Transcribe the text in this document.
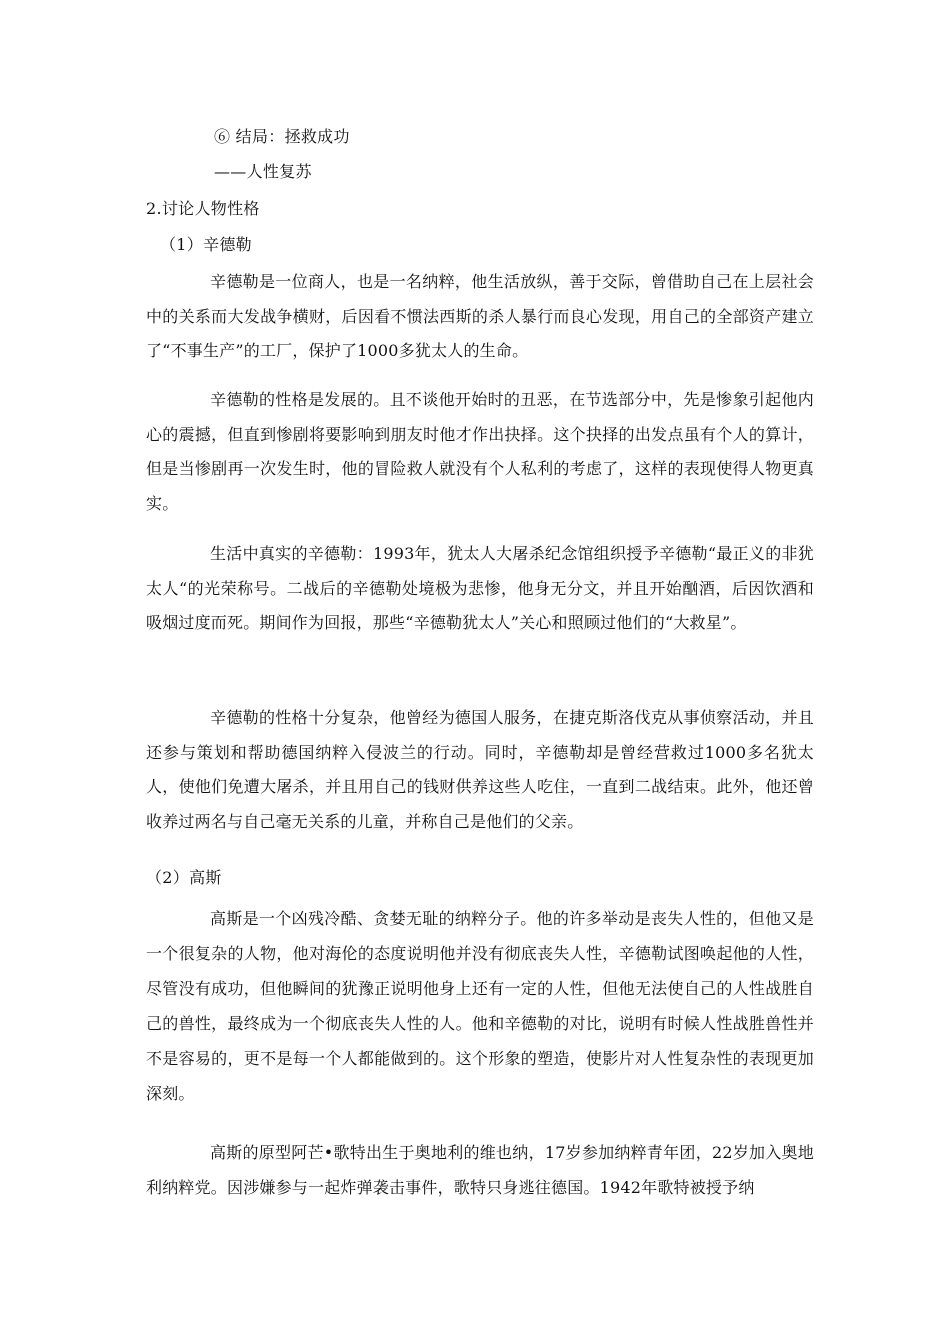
⑥ 结局：拯救成功
——人性复苏
2.讨论人物性格
（1）辛德勒
辛德勒是一位商人，也是一名纳粹，他生活放纵，善于交际，曾借助自己在上层社会中的关系而大发战争横财，后因看不惯法西斯的杀人暴行而良心发现，用自己的全部资产建立了“不事生产”的工厂，保护了1000多犹太人的生命。
辛德勒的性格是发展的。且不谈他开始时的丑恶，在节选部分中，先是惨象引起他内心的震撼，但直到惨剧将要影响到朋友时他才作出抉择。这个抉择的出发点虽有个人的算计，但是当惨剧再一次发生时，他的冒险救人就没有个人私利的考虑了，这样的表现使得人物更真实。
生活中真实的辛德勒：1993年，犹太人大屠杀纪念馆组织授予辛德勒“最正义的非犹太人“的光荣称号。二战后的辛德勒处境极为悲惨，他身无分文，并且开始酗酒，后因饮酒和吸烟过度而死。期间作为回报，那些“辛德勒犹太人”关心和照顾过他们的“大救星”。
辛德勒的性格十分复杂，他曾经为德国人服务，在捷克斯洛伐克从事侦察活动，并且还参与策划和帮助德国纳粹入侵波兰的行动。同时，辛德勒却是曾经营救过1000多名犹太人，使他们免遭大屠杀，并且用自己的钱财供养这些人吃住，一直到二战结束。此外，他还曾收养过两名与自己毫无关系的儿童，并称自己是他们的父亲。
（2）高斯
高斯是一个凶残冷酷、贪婪无耻的纳粹分子。他的许多举动是丧失人性的，但他又是一个很复杂的人物，他对海伦的态度说明他并没有彻底丧失人性，辛德勒试图唤起他的人性，尽管没有成功，但他瞬间的犹豫正说明他身上还有一定的人性，但他无法使自己的人性战胜自己的兽性，最终成为一个彻底丧失人性的人。他和辛德勒的对比，说明有时候人性战胜兽性并不是容易的，更不是每一个人都能做到的。这个形象的塑造，使影片对人性复杂性的表现更加深刻。
高斯的原型阿芒•歌特出生于奥地利的维也纳，17岁参加纳粹青年团，22岁加入奥地利纳粹党。因涉嫌参与一起炸弹袭击事件，歌特只身逃往德国。1942年歌特被授予纳
